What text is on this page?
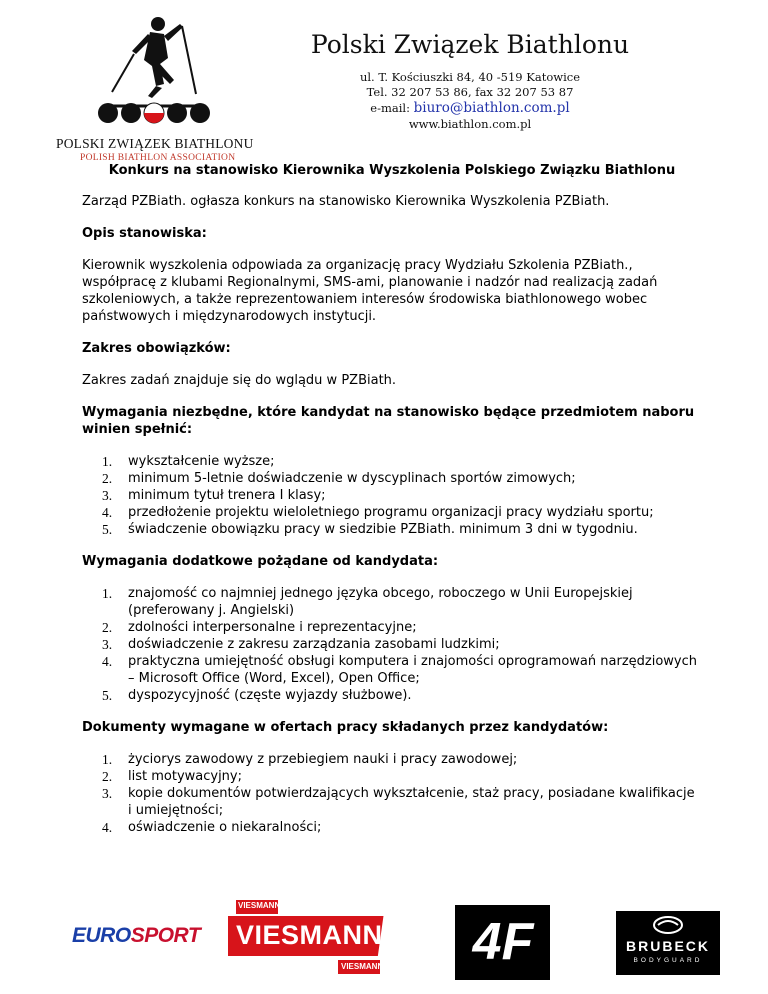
POLSKI ZWIĄZEK BIATHLONU
POLISH BIATHLON ASSOCIATION
Polski Związek Biathlonu
ul. T. Kościuszki 84, 40 -519 Katowice
Tel. 32 207 53 86, fax 32 207 53 87
e-mail: biuro@biathlon.com.pl
www.biathlon.com.pl
Konkurs na stanowisko Kierownika Wyszkolenia Polskiego Związku Biathlonu

Zarząd PZBiath. ogłasza konkurs na stanowisko Kierownika Wyszkolenia PZBiath.

Opis stanowiska:

Kierownik wyszkolenia odpowiada za organizację pracy Wydziału Szkolenia PZBiath., współpracę z klubami Regionalnymi, SMS-ami, planowanie i nadzór nad realizacją zadań szkoleniowych, a także reprezentowaniem interesów środowiska biathlonowego wobec państwowych i międzynarodowych instytucji.

Zakres obowiązków:

Zakres zadań znajduje się do wglądu w PZBiath.

Wymagania niezbędne, które kandydat na stanowisko będące przedmiotem naboru winien spełnić:
1. wykształcenie wyższe;
2. minimum 5-letnie doświadczenie w dyscyplinach sportów zimowych;
3. minimum tytuł trenera I klasy;
4. przedłożenie projektu wieloletniego programu organizacji pracy wydziału sportu;
5. świadczenie obowiązku pracy w siedzibie PZBiath. minimum 3 dni w tygodniu.
Wymagania dodatkowe pożądane od kandydata:
1. znajomość co najmniej jednego języka obcego, roboczego w Unii Europejskiej (preferowany j. Angielski)
2. zdolności interpersonalne i reprezentacyjne;
3. doświadczenie z zakresu zarządzania zasobami ludzkimi;
4. praktyczna umiejętność obsługi komputera i znajomości oprogramowań narzędziowych – Microsoft Office (Word, Excel), Open Office;
5. dyspozycyjność (częste wyjazdy służbowe).
Dokumenty wymagane w ofertach pracy składanych przez kandydatów:
1. życiorys zawodowy z przebiegiem nauki i pracy zawodowej;
2. list motywacyjny;
3. kopie dokumentów potwierdzających wykształcenie, staż pracy, posiadane kwalifikacje i umiejętności;
4. oświadczenie o niekaralności;
EUROSPORT
VIESMANN
VIESMANN
VIESMANN 4F	BRUBECK
BODYGUARD
